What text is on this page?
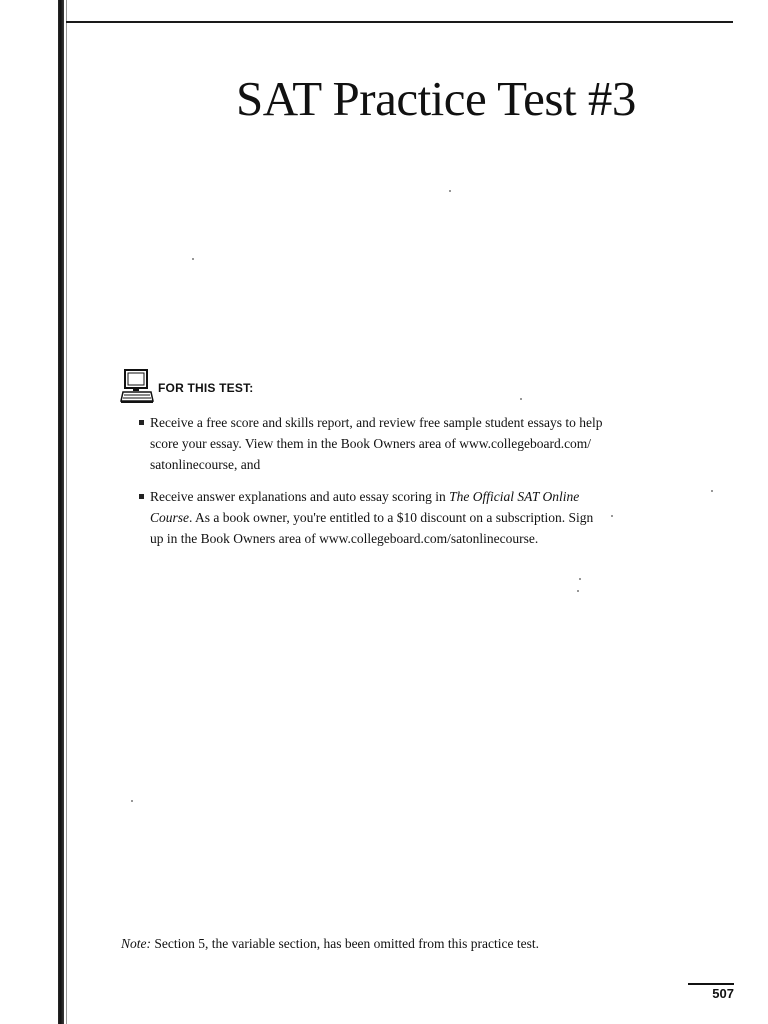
SAT Practice Test #3
FOR THIS TEST:
Receive a free score and skills report, and review free sample student essays to help score your essay. View them in the Book Owners area of www.collegeboard.com/ satonlinecourse, and
Receive answer explanations and auto essay scoring in The Official SAT Online Course. As a book owner, you're entitled to a $10 discount on a subscription. Sign up in the Book Owners area of www.collegeboard.com/satonlinecourse.

Note: Section 5, the variable section, has been omitted from this practice test.

507
